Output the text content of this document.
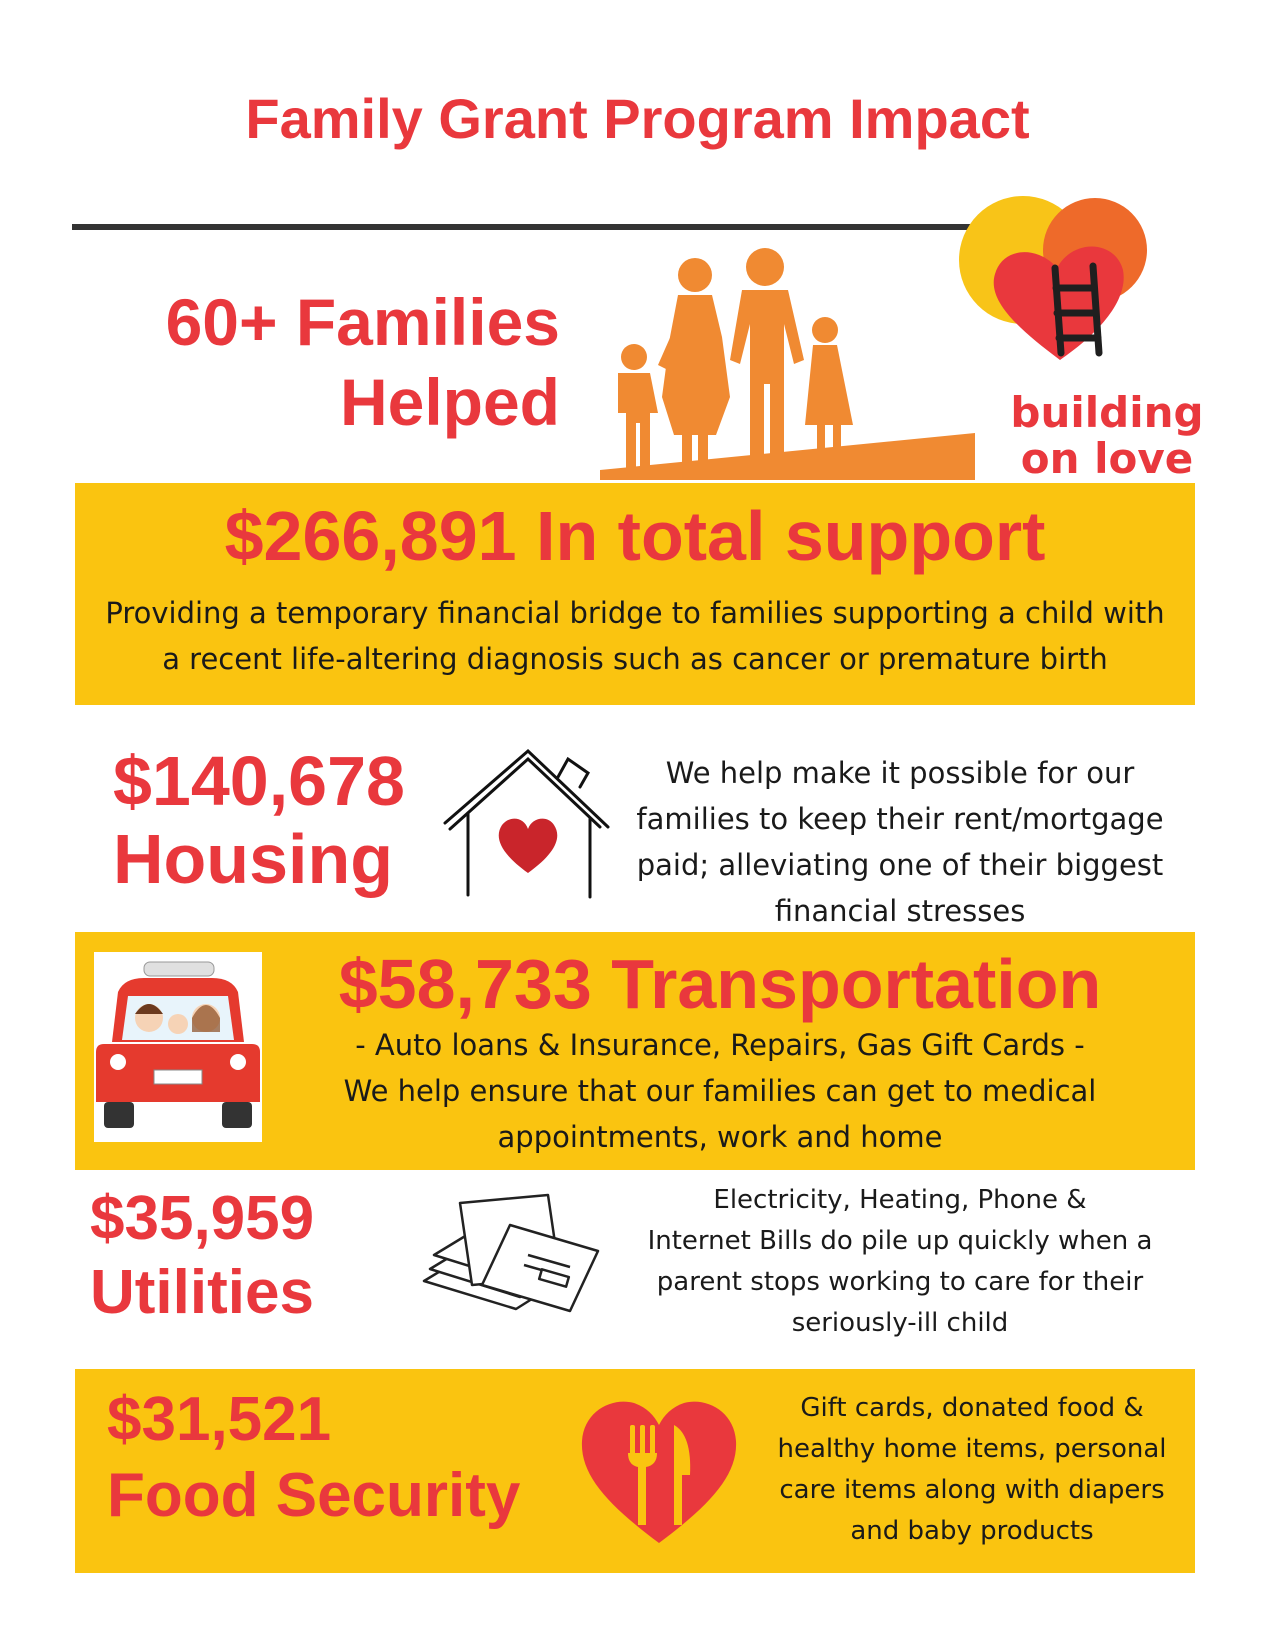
Family Grant Program Impact
60+ Families
Helped	building
on love
$266,891 In total support
Providing a temporary financial bridge to families supporting a child with
a recent life-altering diagnosis such as cancer or premature birth
$140,678
Housing
We help make it possible for our
families to keep their rent/mortgage
paid; alleviating one of their biggest
financial stresses
$58,733 Transportation
- Auto loans & Insurance, Repairs, Gas Gift Cards -
We help ensure that our families can get to medical
appointments, work and home
$35,959
Utilities
Electricity, Heating, Phone &
Internet Bills do pile up quickly when a
parent stops working to care for their
seriously-ill child
$31,521
Food Security
Gift cards, donated food &
healthy home items, personal
care items along with diapers
and baby products
